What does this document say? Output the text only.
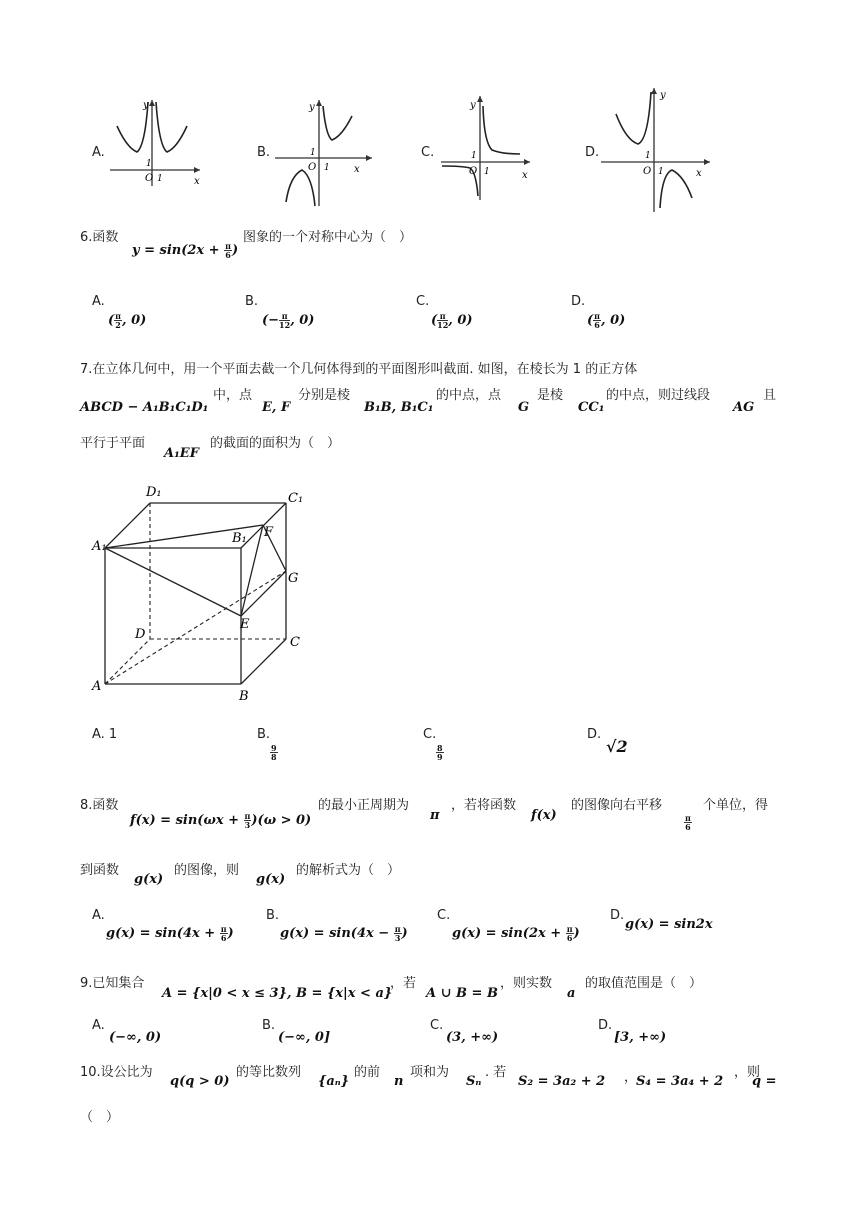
A.
1
O 1	x
y
B.	1
O 1 x
y
C.	1
O 1	x
y
D.	1
O 1	x
y
6.函数
$y = \sin(2x + \frac{\pi}{6}$ )
图象的一个对称中心为（　）
A.
( $\frac{\pi}{2}$ , 0)
B.
(− $\frac{\pi}{12}$ , 0)
C.
( $\frac{\pi}{12}$ , 0)
D.
( $\frac{\pi}{6}$ , 0)
7.在立体几何中，用一个平面去截一个几何体得到的平面图形叫截面. 如图，在棱长为 1 的正方体
ABCD − A₁B₁C₁D₁
中，点
E, F
分别是棱
B₁B, B₁C₁
的中点，点
G
是棱
CC₁
的中点，则过线段
AG
且
平行于平面
A₁EF
的截面的面积为（　）
D₁	C₁
A₁
B₁ F
G
E
D
C
A
B
A. 1	B.
$\frac{9}{8}$
C.
$\frac{8}{9}$
D.
√2
8.函数
$f(x) = \sin(\omega x + \frac{\pi}{3} )(\omega > 0)$
的最小正周期为
π
，若将函数
f(x)
的图像向右平移
$\frac{\pi}{6}$
个单位，得
到函数
g(x)
的图像，则
g(x)
的解析式为（　）
A.
$g(x) = \sin(4x + \frac{\pi}{6}$ )
B.
$g(x) = \sin(4x - \frac{\pi}{3}$ )
C.
$g(x) = \sin(2x + \frac{\pi}{6}$ )
D.
g(x) = sin2x
9.已知集合
A = {x|0 < x ≤ 3}, B = {x|x < a}
，若
A ∪ B = B
，则实数
a
的取值范围是（　）
A.
(−∞, 0)
B.
(−∞, 0]
C.
(3, +∞)
D.
[3, +∞)
10.设公比为
q(q > 0)
的等比数列
{aₙ}
的前
n
项和为
Sₙ
. 若
S₂ = 3a₂ + 2 ，
S₄ = 3a₄ + 2
，则
q =
（　）
